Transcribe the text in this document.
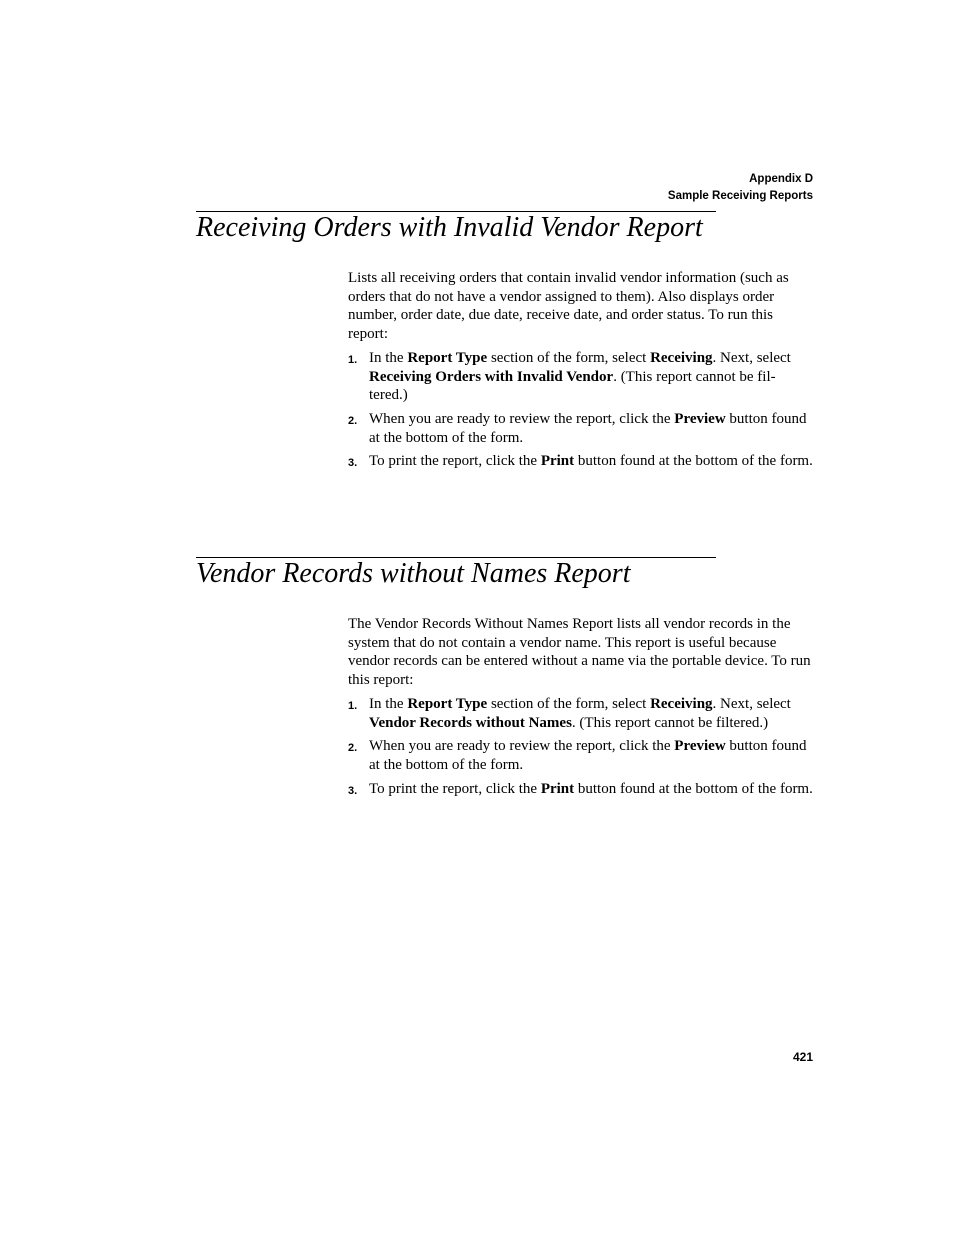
Appendix D
Sample Receiving Reports
Receiving Orders with Invalid Vendor Report

Lists all receiving orders that contain invalid vendor information (such as orders that do not have a vendor assigned to them). Also displays order number, order date, due date, receive date, and order status. To run this report:

1. In the Report Type section of the form, select Receiving. Next, select Receiving Orders with Invalid Vendor. (This report cannot be fil-tered.)
2. When you are ready to review the report, click the Preview button found at the bottom of the form.
3. To print the report, click the Print button found at the bottom of the form.
Vendor Records without Names Report

The Vendor Records Without Names Report lists all vendor records in the system that do not contain a vendor name. This report is useful because vendor records can be entered without a name via the portable device. To run this report:

1. In the Report Type section of the form, select Receiving. Next, select Vendor Records without Names. (This report cannot be filtered.)
2. When you are ready to review the report, click the Preview button found at the bottom of the form.
3. To print the report, click the Print button found at the bottom of the form.
421
